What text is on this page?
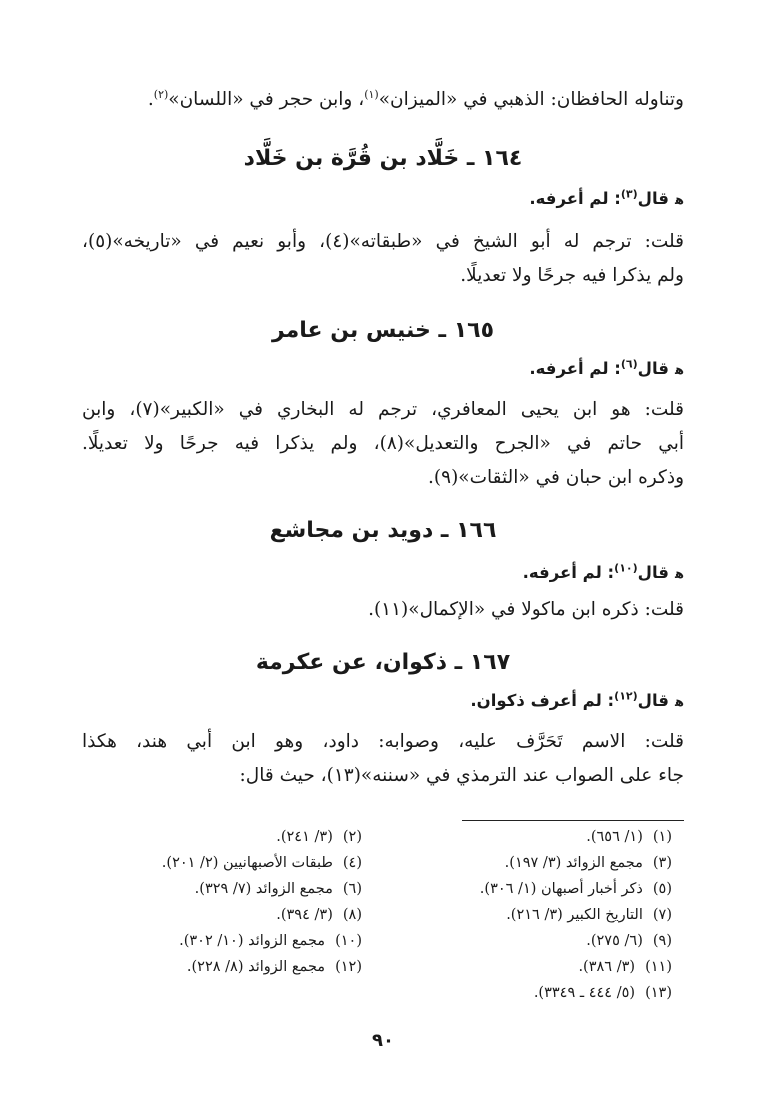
وتناوله الحافظان: الذهبي في «الميزان»$^{(١)}$، وابن حجر في «اللسان»$^{(٢)}$.
١٦٤ ـ خَلَّاد بن قُرَّة بن خَلَّاد
ﻫقال$^{(٣)}$: لم أعرفه.
قلت: ترجم له أبو الشيخ في «طبقاته»(٤)، وأبو نعيم في «تاريخه»(٥)،
ولم يذكرا فيه جرحًا ولا تعديلًا.
١٦٥ ـ خنيس بن عامر
ﻫقال$^{(٦)}$: لم أعرفه.
قلت: هو ابن يحيى المعافري، ترجم له البخاري في «الكبير»(٧)، وابن
أبي حاتم في «الجرح والتعديل»(٨)، ولم يذكرا فيه جرحًا ولا تعديلًا.
وذكره ابن حبان في «الثقات»(٩).
١٦٦ ـ دويد بن مجاشع
ﻫقال$^{(١٠)}$: لم أعرفه.
قلت: ذكره ابن ماكولا في «الإكمال»(١١).
١٦٧ ـ ذكوان، عن عكرمة
ﻫقال$^{(١٢)}$: لم أعرف ذكوان.
قلت: الاسم تَحَرَّف عليه، وصوابه: داود، وهو ابن أبي هند، هكذا
جاء على الصواب عند الترمذي في «سننه»(١٣)، حيث قال:
(١)(١/ ٦٥٦).
(٣)مجمع الزوائد (٣/ ١٩٧).
(٥)ذكر أخبار أصبهان (١/ ٣٠٦).
(٧)التاريخ الكبير (٣/ ٢١٦).
(٩)(٦/ ٢٧٥).
(١١)(٣/ ٣٨٦).
(١٣)(٥/ ٤٤٤ ـ ٣٣٤٩).
(٢)(٣/ ٢٤١).
(٤)طبقات الأصبهانيين (٢/ ٢٠١).
(٦)مجمع الزوائد (٧/ ٣٢٩).
(٨)(٣/ ٣٩٤).
(١٠)مجمع الزوائد (١٠/ ٣٠٢).
(١٢)مجمع الزوائد (٨/ ٢٢٨).
٩٠
